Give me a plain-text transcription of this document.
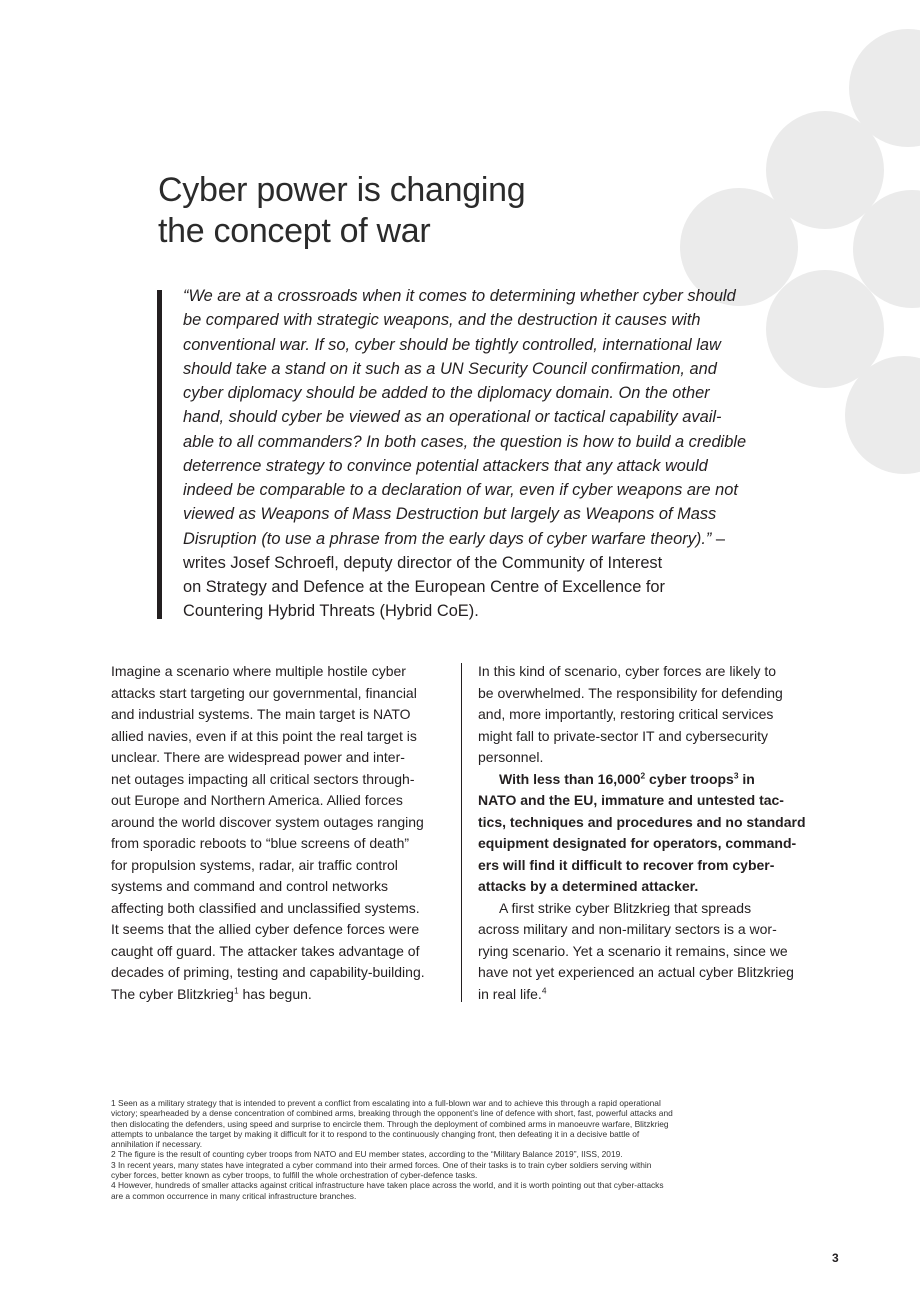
Cyber power is changing
the concept of war
“We are at a crossroads when it comes to determining whether cyber should
be compared with strategic weapons, and the destruction it causes with
conventional war. If so, cyber should be tightly controlled, international law
should take a stand on it such as a UN Security Council confirmation, and
cyber diplomacy should be added to the diplomacy domain. On the other
hand, should cyber be viewed as an operational or tactical capability avail-
able to all commanders? In both cases, the question is how to build a credible
deterrence strategy to convince potential attackers that any attack would
indeed be comparable to a declaration of war, even if cyber weapons are not
viewed as Weapons of Mass Destruction but largely as Weapons of Mass
Disruption (to use a phrase from the early days of cyber warfare theory).” –
writes Josef Schroefl, deputy director of the Community of Interest
on Strategy and Defence at the European Centre of Excellence for
Countering Hybrid Threats (Hybrid CoE).
Imagine a scenario where multiple hostile cyber
attacks start targeting our governmental, financial
and industrial systems. The main target is NATO
allied navies, even if at this point the real target is
unclear. There are widespread power and inter-
net outages impacting all critical sectors through-
out Europe and Northern America. Allied forces
around the world discover system outages ranging
from sporadic reboots to “blue screens of death”
for propulsion systems, radar, air traffic control
systems and command and control networks
affecting both classified and unclassified systems.
It seems that the allied cyber defence forces were
caught off guard. The attacker takes advantage of
decades of priming, testing and capability-building.
The cyber Blitzkrieg$^1$ has begun.
In this kind of scenario, cyber forces are likely to
be overwhelmed. The responsibility for defending
and, more importantly, restoring critical services
might fall to private-sector IT and cybersecurity
personnel.
With less than 16,000$^2$ cyber troops$^3$ in
NATO and the EU, immature and untested tac-
tics, techniques and procedures and no standard
equipment designated for operators, command-
ers will find it difficult to recover from cyber-
attacks by a determined attacker.
A first strike cyber Blitzkrieg that spreads
across military and non-military sectors is a wor-
rying scenario. Yet a scenario it remains, since we
have not yet experienced an actual cyber Blitzkrieg
in real life.$^4$
1 Seen as a military strategy that is intended to prevent a conflict from escalating into a full-blown war and to achieve this through a rapid operational
victory; spearheaded by a dense concentration of combined arms, breaking through the opponent’s line of defence with short, fast, powerful attacks and
then dislocating the defenders, using speed and surprise to encircle them. Through the deployment of combined arms in manoeuvre warfare, Blitzkrieg
attempts to unbalance the target by making it difficult for it to respond to the continuously changing front, then defeating it in a decisive battle of
annihilation if necessary.
2 The figure is the result of counting cyber troops from NATO and EU member states, according to the “Military Balance 2019”, IISS, 2019.
3 In recent years, many states have integrated a cyber command into their armed forces. One of their tasks is to train cyber soldiers serving within
cyber forces, better known as cyber troops, to fulfill the whole orchestration of cyber-defence tasks.
4 However, hundreds of smaller attacks against critical infrastructure have taken place across the world, and it is worth pointing out that cyber-attacks
are a common occurrence in many critical infrastructure branches.
3
